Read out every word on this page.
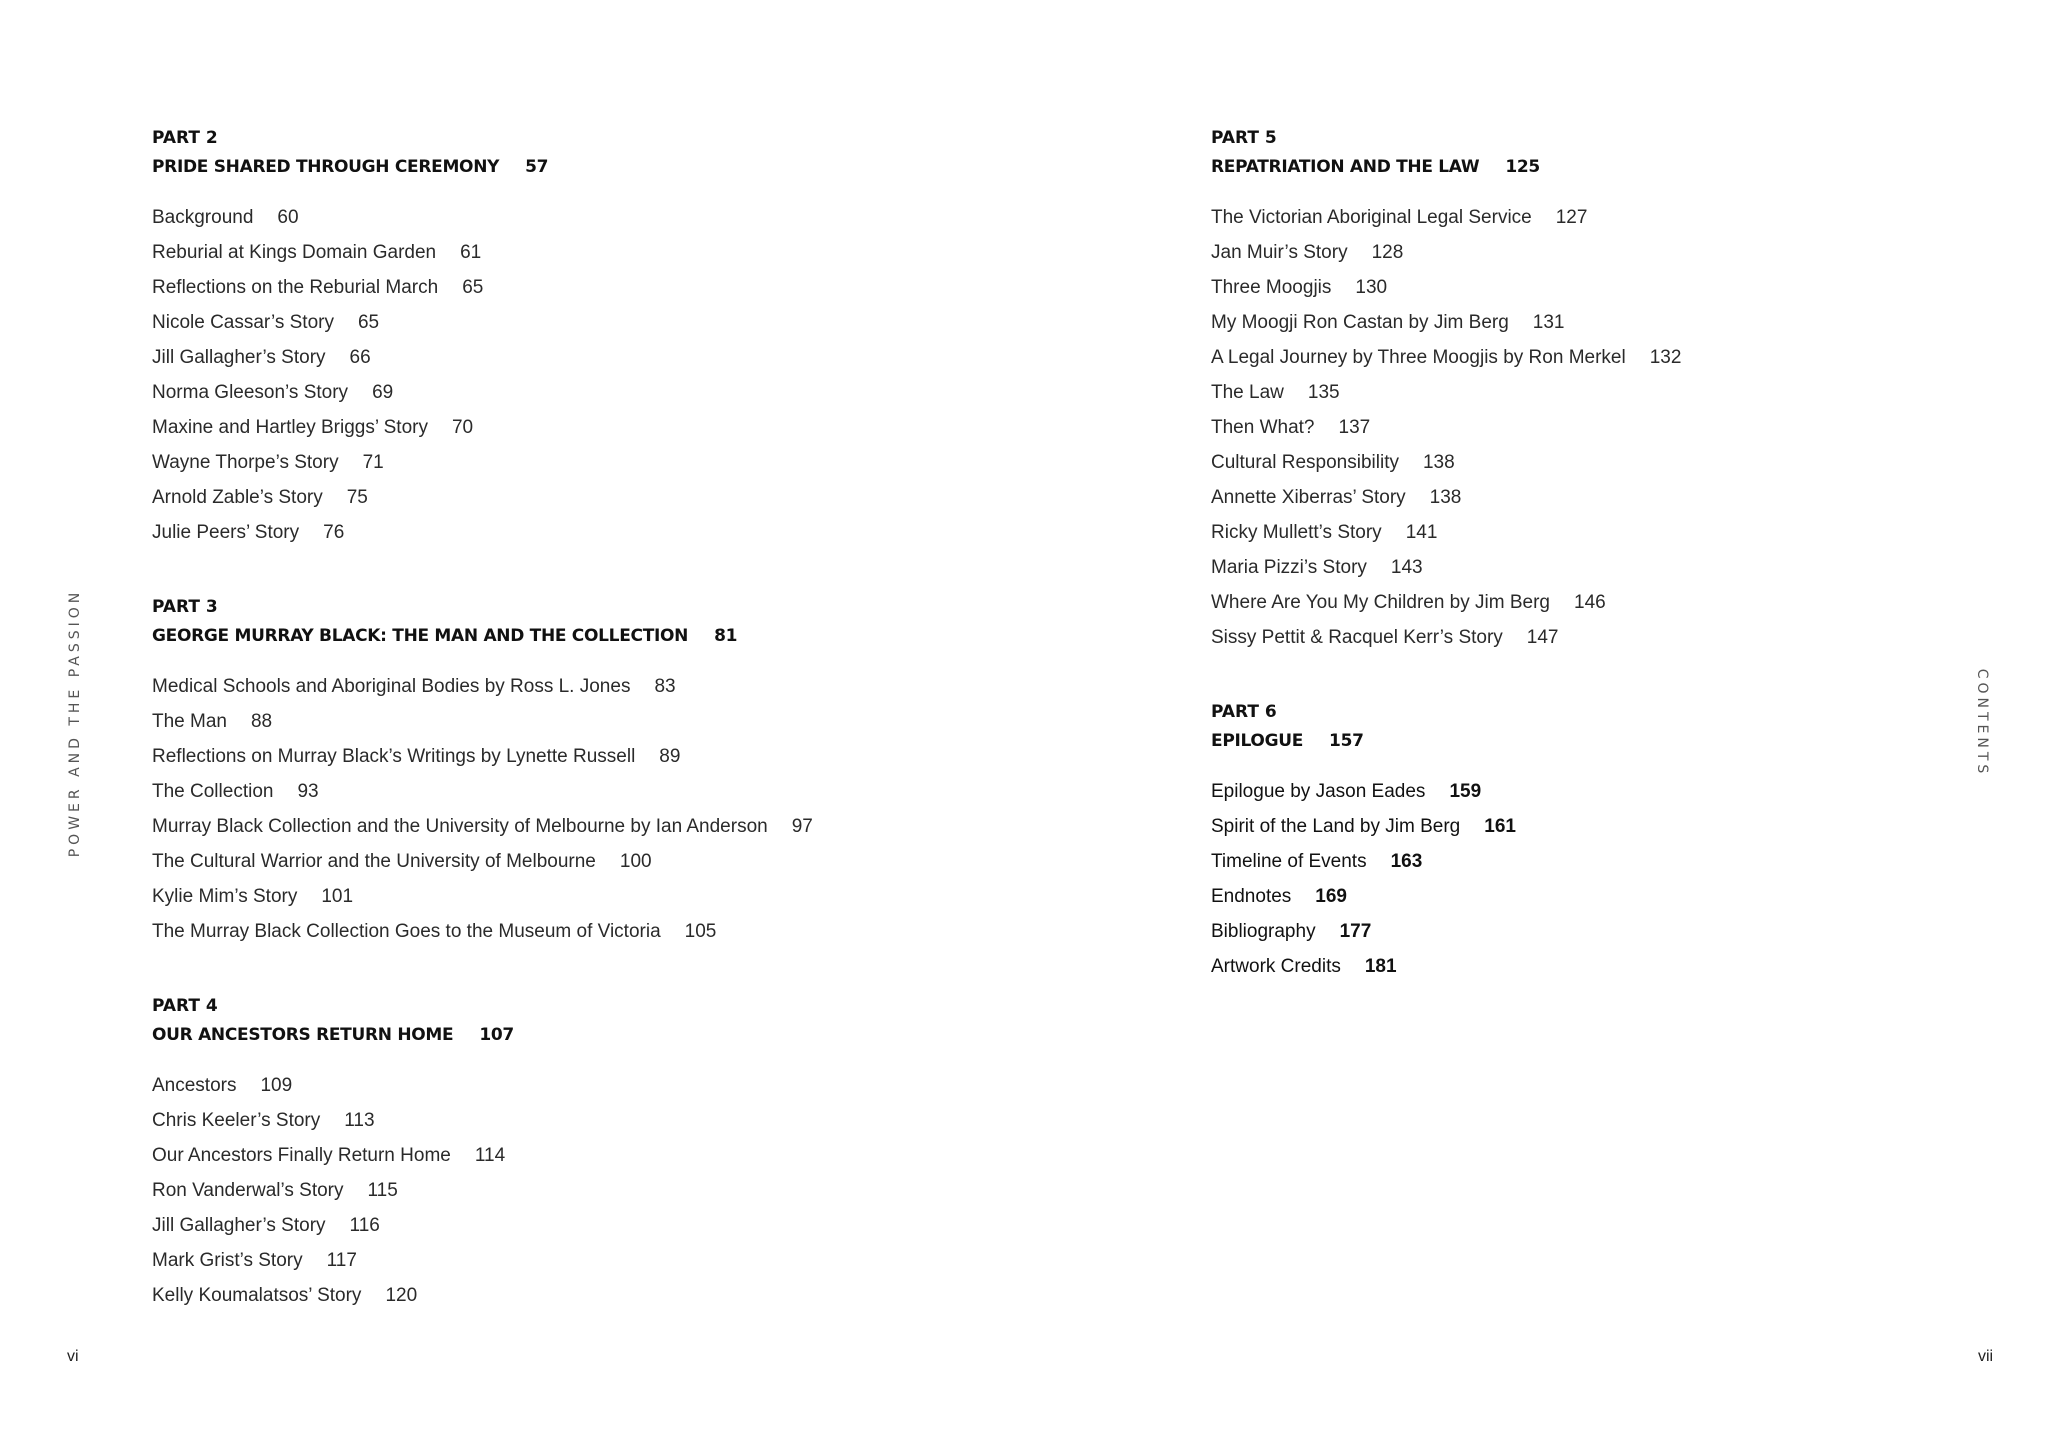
POWER AND THE PASSION	CONTENTS
PART 2
PRIDE SHARED THROUGH CEREMONY 57
Background 60
Reburial at Kings Domain Garden 61
Reflections on the Reburial March 65
Nicole Cassar’s Story 65
Jill Gallagher’s Story 66
Norma Gleeson’s Story 69
Maxine and Hartley Briggs’ Story 70
Wayne Thorpe’s Story 71
Arnold Zable’s Story 75
Julie Peers’ Story 76
PART 3
GEORGE MURRAY BLACK: THE MAN AND THE COLLECTION 81
Medical Schools and Aboriginal Bodies by Ross L. Jones 83
The Man 88
Reflections on Murray Black’s Writings by Lynette Russell 89
The Collection 93
Murray Black Collection and the University of Melbourne by Ian Anderson 97
The Cultural Warrior and the University of Melbourne 100
Kylie Mim’s Story 101
The Murray Black Collection Goes to the Museum of Victoria 105
PART 4
OUR ANCESTORS RETURN HOME 107
Ancestors 109
Chris Keeler’s Story 113
Our Ancestors Finally Return Home 114
Ron Vanderwal’s Story 115
Jill Gallagher’s Story 116
Mark Grist’s Story 117
Kelly Koumalatsos’ Story 120
PART 5
REPATRIATION AND THE LAW 125
The Victorian Aboriginal Legal Service 127
Jan Muir’s Story 128
Three Moogjis 130
My Moogji Ron Castan by Jim Berg 131
A Legal Journey by Three Moogjis by Ron Merkel 132
The Law 135
Then What? 137
Cultural Responsibility 138
Annette Xiberras’ Story 138
Ricky Mullett’s Story 141
Maria Pizzi’s Story 143
Where Are You My Children by Jim Berg 146
Sissy Pettit & Racquel Kerr’s Story 147
PART 6
EPILOGUE 157
Epilogue by Jason Eades 159
Spirit of the Land by Jim Berg 161
Timeline of Events 163
Endnotes 169
Bibliography 177
Artwork Credits 181
vi	vii
